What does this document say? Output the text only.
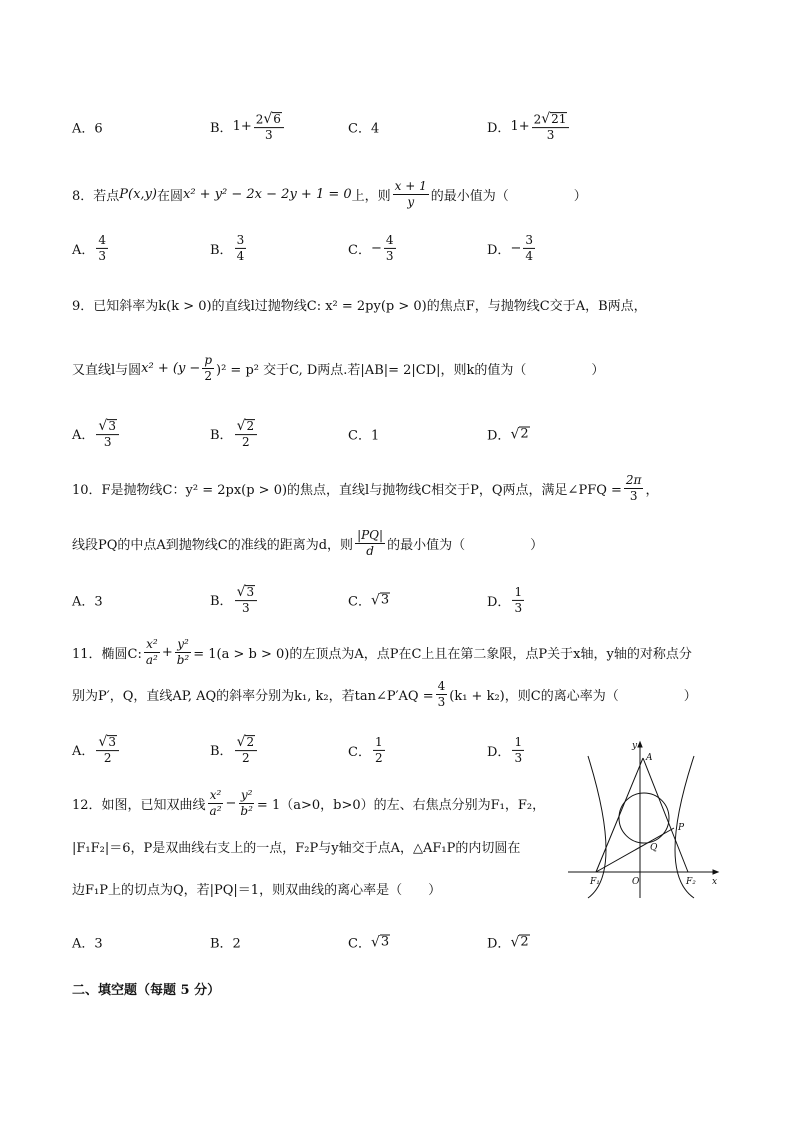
A．6	B． $1+ \frac{2 √ 6}{3}$	C．4	D． $1+ \frac{2 √ 21}{3}$
8．若点 P(x,y) 在圆 x² + y² − 2x − 2y + 1 = 0 上，则 $\frac{x + 1}{y}$ 的最小值为（　　　　　）
A． $\frac{4}{3}$	B． $\frac{3}{4}$	C． − $\frac{4}{3}$	D． − $\frac{3}{4}$
9．已知斜率为k(k > 0)的直线l过抛物线C: x² = 2py(p > 0)的焦点F，与抛物线C交于A，B两点，
又直线l与圆 $x^2 + (y - \frac{p}{2} )^2 = p^2$ 交于C, D两点.若|AB|= 2|CD|，则k的值为（　　　　　）
A． $\frac{√ 3}{3}$	B． $\frac{√ 2}{2}$	C．1	D． √ 2
10．F是抛物线C：y² = 2px(p > 0)的焦点，直线l与抛物线C相交于P，Q两点，满足∠PFQ = $\frac{2\pi}{3}$ ，
线段PQ的中点A到抛物线C的准线的距离为d，则 $\frac{|PQ|}{d}$ 的最小值为（　　　　　）
A．3	B． $\frac{√ 3}{3}$	C． √ 3	D． $\frac{1}{3}$
11．椭圆C: $\frac{\text{x²}}{\text{a²}} + \frac{\text{y²}}{\text{b²}} = 1(a > b > 0)$的左顶点为A，点P在C上且在第二象限，点P关于x轴，y轴的对称点分
别为P′，Q，直线AP, AQ的斜率分别为k₁, k₂，若tan∠P′AQ = $\frac{4}{3} (k_1 + k_2)$，则C的离心率为（　　　　　）
A． $\frac{√ 3}{2}$	B． $\frac{√ 2}{2}$	C． $\frac{1}{2}$	D． $\frac{1}{3}$
12．如图，已知双曲线 $\frac{\text{x²}}{\text{a²}} - \frac{\text{y²}}{\text{b²}} = 1(a>0$，b>0）的左、右焦点分别为F₁，F₂，
|F₁F₂|＝6，P是双曲线右支上的一点，F₂P与y轴交于点A，△AF₁P的内切圆在
边F₁P上的切点为Q，若|PQ|＝1，则双曲线的离心率是（　　）
A．3	B．2	C． √ 3	D． √ 2
y
A
P
Q
F₁	O	F₂ x
二、填空题（每题 5 分）
